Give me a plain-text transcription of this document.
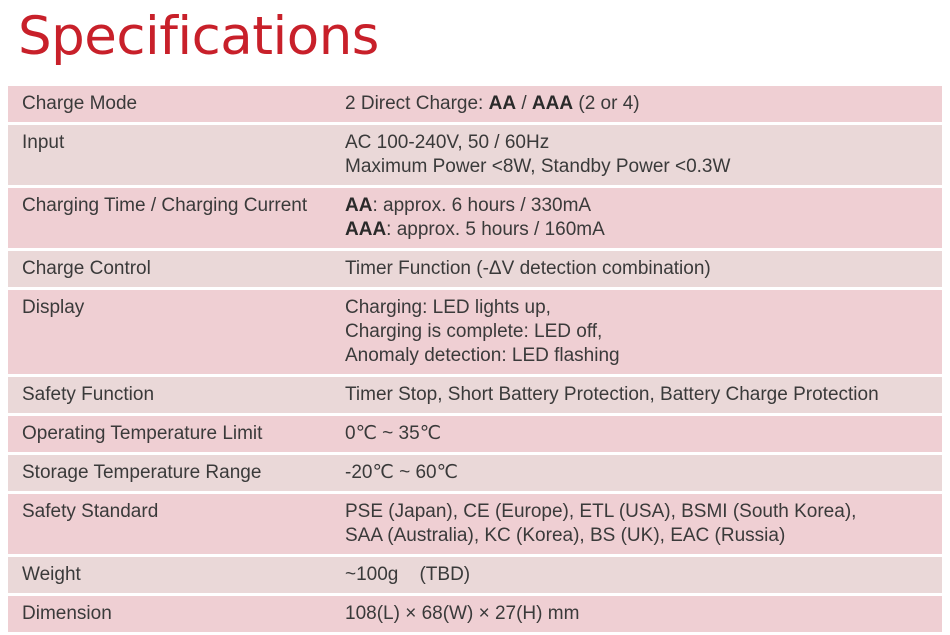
Specifications
Charge Mode	2 Direct Charge: AA / AAA (2 or 4)
Input	AC 100-240V, 50 / 60Hz
Maximum Power <8W, Standby Power <0.3W
Charging Time / Charging Current	AA: approx. 6 hours / 330mA
AAA: approx. 5 hours / 160mA
Charge Control	Timer Function (-ΔV detection combination)
Display	Charging: LED lights up,
Charging is complete: LED off,
Anomaly detection: LED flashing
Safety Function	Timer Stop, Short Battery Protection, Battery Charge Protection
Operating Temperature Limit	0℃ ~ 35℃
Storage Temperature Range	-20℃ ~ 60℃
Safety Standard	PSE (Japan), CE (Europe), ETL (USA), BSMI (South Korea),
SAA (Australia), KC (Korea), BS (UK), EAC (Russia)
Weight	~100g    (TBD)
Dimension	108(L) × 68(W) × 27(H) mm
